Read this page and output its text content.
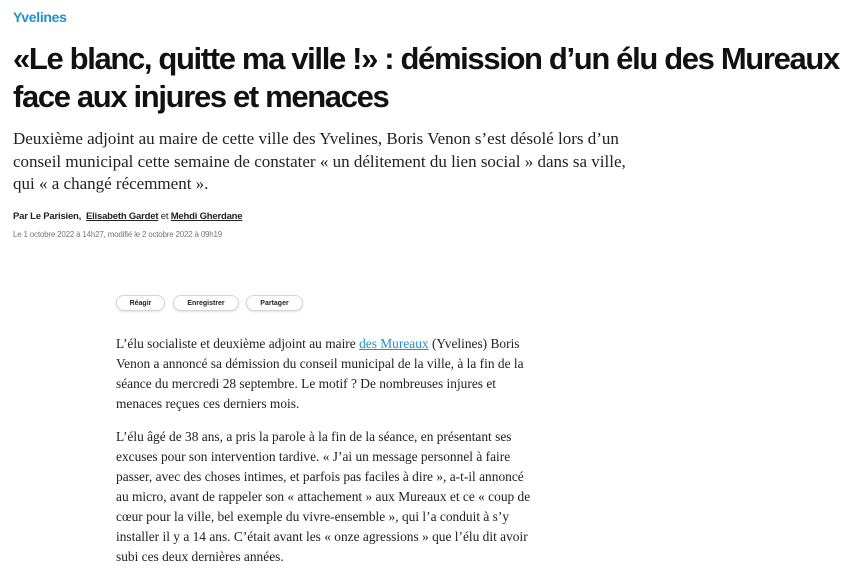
Yvelines
«Le blanc, quitte ma ville !» : démission d’un élu des Mureaux face aux injures et menaces

Deuxième adjoint au maire de cette ville des Yvelines, Boris Venon s’est désolé lors d’un conseil municipal cette semaine de constater « un délitement du lien social » dans sa ville, qui « a changé récemment ».

Par Le Parisien, Elisabeth Gardet et Mehdi Gherdane
Le 1 octobre 2022 à 14h27, modifié le 2 octobre 2022 à 09h19
Réagir	Enregistrer	Partager

L’élu socialiste et deuxième adjoint au maire des Mureaux (Yvelines) Boris Venon a annoncé sa démission du conseil municipal de la ville, à la fin de la séance du mercredi 28 septembre. Le motif ? De nombreuses injures et menaces reçues ces derniers mois.

L’élu âgé de 38 ans, a pris la parole à la fin de la séance, en présentant ses excuses pour son intervention tardive. « J’ai un message personnel à faire passer, avec des choses intimes, et parfois pas faciles à dire », a-t-il annoncé au micro, avant de rappeler son « attachement » aux Mureaux et ce « coup de cœur pour la ville, bel exemple du vivre-ensemble », qui l’a conduit à s’y installer il y a 14 ans. C’était avant les « onze agressions » que l’élu dit avoir subi ces deux dernières années.
